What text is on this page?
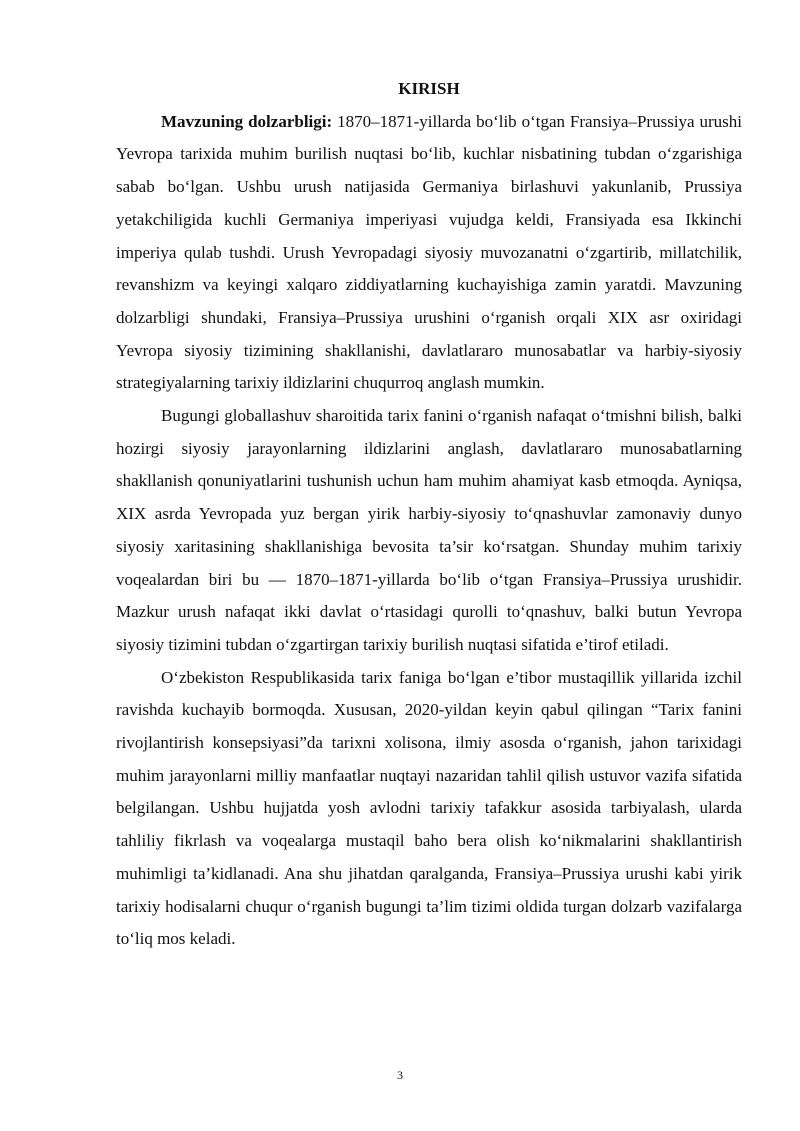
KIRISH

Mavzuning dolzarbligi: 1870–1871-yillarda bo‘lib o‘tgan Fransiya–Prussiya urushi Yevropa tarixida muhim burilish nuqtasi bo‘lib, kuchlar nisbatining tubdan o‘zgarishiga sabab bo‘lgan. Ushbu urush natijasida Germaniya birlashuvi yakunlanib, Prussiya yetakchiligida kuchli Germaniya imperiyasi vujudga keldi, Fransiyada esa Ikkinchi imperiya qulab tushdi. Urush Yevropadagi siyosiy muvozanatni o‘zgartirib, millatchilik, revanshizm va keyingi xalqaro ziddiyatlarning kuchayishiga zamin yaratdi. Mavzuning dolzarbligi shundaki, Fransiya–Prussiya urushini o‘rganish orqali XIX asr oxiridagi Yevropa siyosiy tizimining shakllanishi, davlatlararo munosabatlar va harbiy-siyosiy strategiyalarning tarixiy ildizlarini chuqurroq anglash mumkin.

Bugungi globallashuv sharoitida tarix fanini o‘rganish nafaqat o‘tmishni bilish, balki hozirgi siyosiy jarayonlarning ildizlarini anglash, davlatlararo munosabatlarning shakllanish qonuniyatlarini tushunish uchun ham muhim ahamiyat kasb etmoqda. Ayniqsa, XIX asrda Yevropada yuz bergan yirik harbiy-siyosiy to‘qnashuvlar zamonaviy dunyo siyosiy xaritasining shakllanishiga bevosita ta’sir ko‘rsatgan. Shunday muhim tarixiy voqealardan biri bu — 1870–1871-yillarda bo‘lib o‘tgan Fransiya–Prussiya urushidir. Mazkur urush nafaqat ikki davlat o‘rtasidagi qurolli to‘qnashuv, balki butun Yevropa siyosiy tizimini tubdan o‘zgartirgan tarixiy burilish nuqtasi sifatida e’tirof etiladi.

O‘zbekiston Respublikasida tarix faniga bo‘lgan e’tibor mustaqillik yillarida izchil ravishda kuchayib bormoqda. Xususan, 2020-yildan keyin qabul qilingan “Tarix fanini rivojlantirish konsepsiyasi”da tarixni xolisona, ilmiy asosda o‘rganish, jahon tarixidagi muhim jarayonlarni milliy manfaatlar nuqtayi nazaridan tahlil qilish ustuvor vazifa sifatida belgilangan. Ushbu hujjatda yosh avlodni tarixiy tafakkur asosida tarbiyalash, ularda tahliliy fikrlash va voqealarga mustaqil baho bera olish ko‘nikmalarini shakllantirish muhimligi ta’kidlanadi. Ana shu jihatdan qaralganda, Fransiya–Prussiya urushi kabi yirik tarixiy hodisalarni chuqur o‘rganish bugungi ta’lim tizimi oldida turgan dolzarb vazifalarga to‘liq mos keladi.

3
